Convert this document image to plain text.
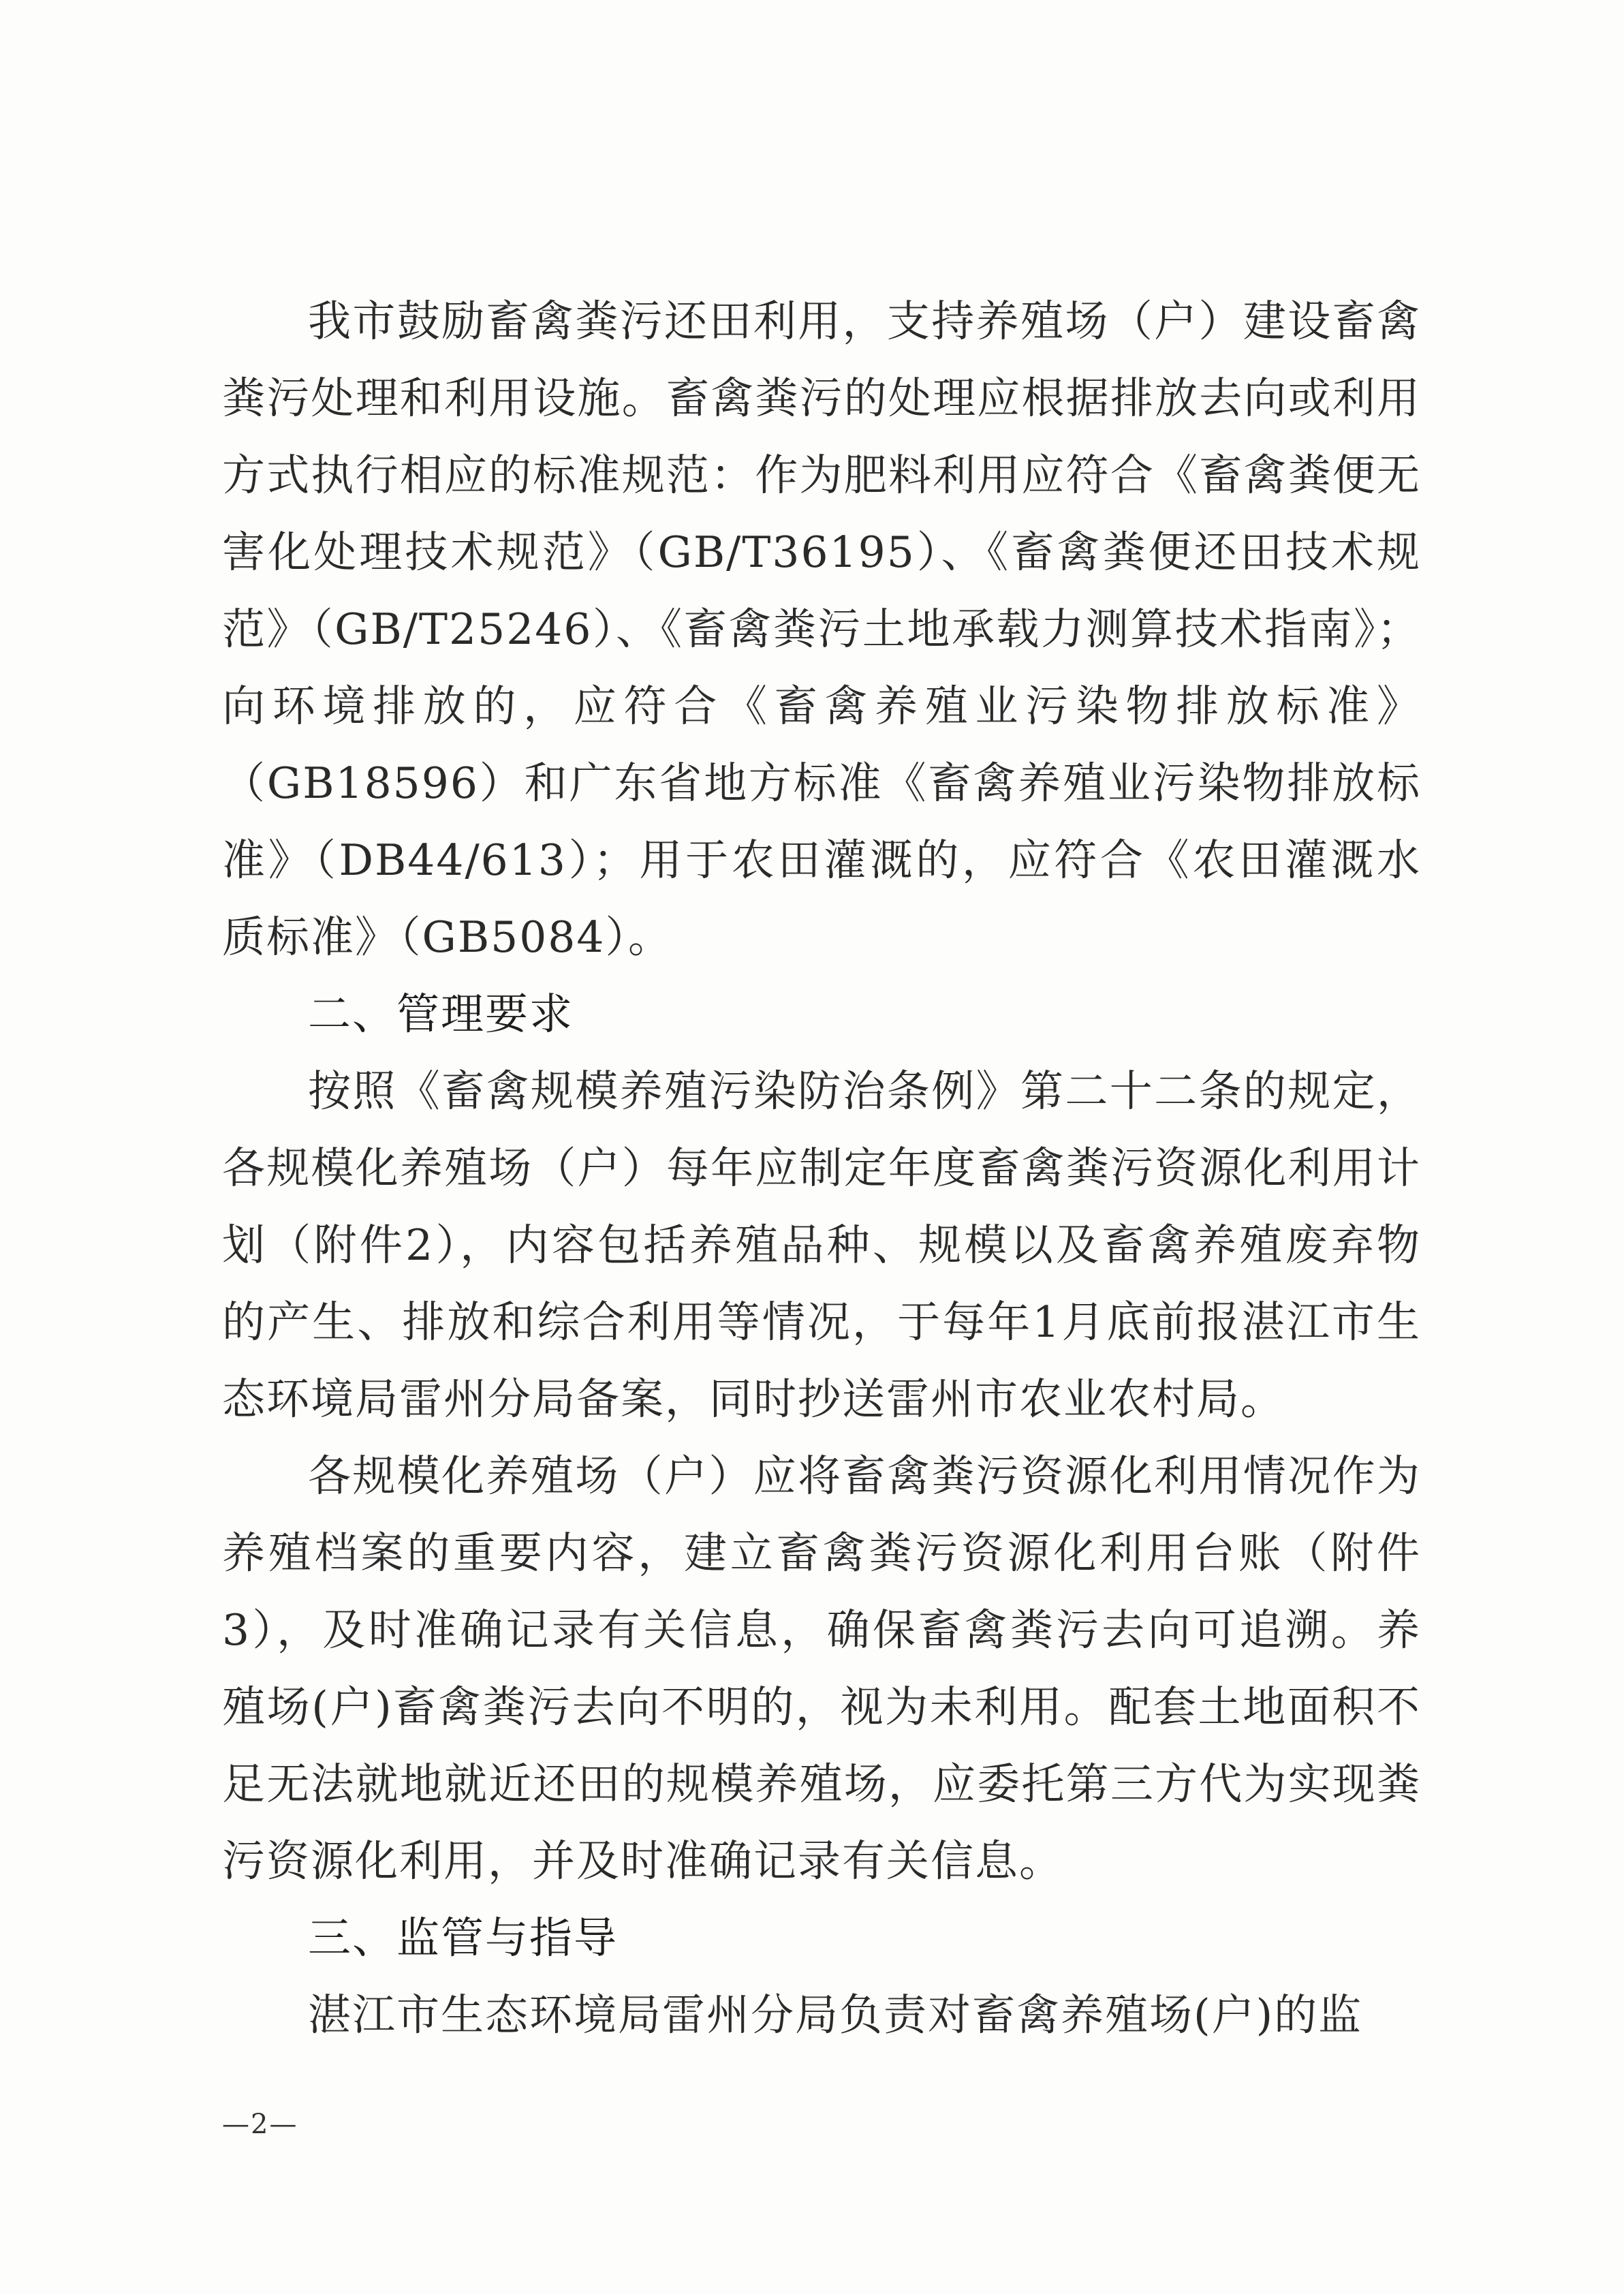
我市鼓励畜禽粪污还田利用，支持养殖场（户）建设畜禽粪污处理和利用设施。畜禽粪污的处理应根据排放去向或利用方式执行相应的标准规范：作为肥料利用应符合《畜禽粪便无害化处理技术规范》（GB/T36195）、《畜禽粪便还田技术规范》（GB/T25246）、《畜禽粪污土地承载力测算技术指南》；向环境排放的，应符合《畜禽养殖业污染物排放标准》（GB18596）和广东省地方标准《畜禽养殖业污染物排放标准》（DB44/613）；用于农田灌溉的，应符合《农田灌溉水质标准》（GB5084）。

二、管理要求

按照《畜禽规模养殖污染防治条例》第二十二条的规定，各规模化养殖场（户）每年应制定年度畜禽粪污资源化利用计划（附件2），内容包括养殖品种、规模以及畜禽养殖废弃物的产生、排放和综合利用等情况，于每年1月底前报湛江市生态环境局雷州分局备案，同时抄送雷州市农业农村局。

各规模化养殖场（户）应将畜禽粪污资源化利用情况作为养殖档案的重要内容，建立畜禽粪污资源化利用台账（附件3），及时准确记录有关信息，确保畜禽粪污去向可追溯。养殖场(户)畜禽粪污去向不明的，视为未利用。配套土地面积不足无法就地就近还田的规模养殖场，应委托第三方代为实现粪污资源化利用，并及时准确记录有关信息。

三、监管与指导

湛江市生态环境局雷州分局负责对畜禽养殖场(户)的监

—2—
